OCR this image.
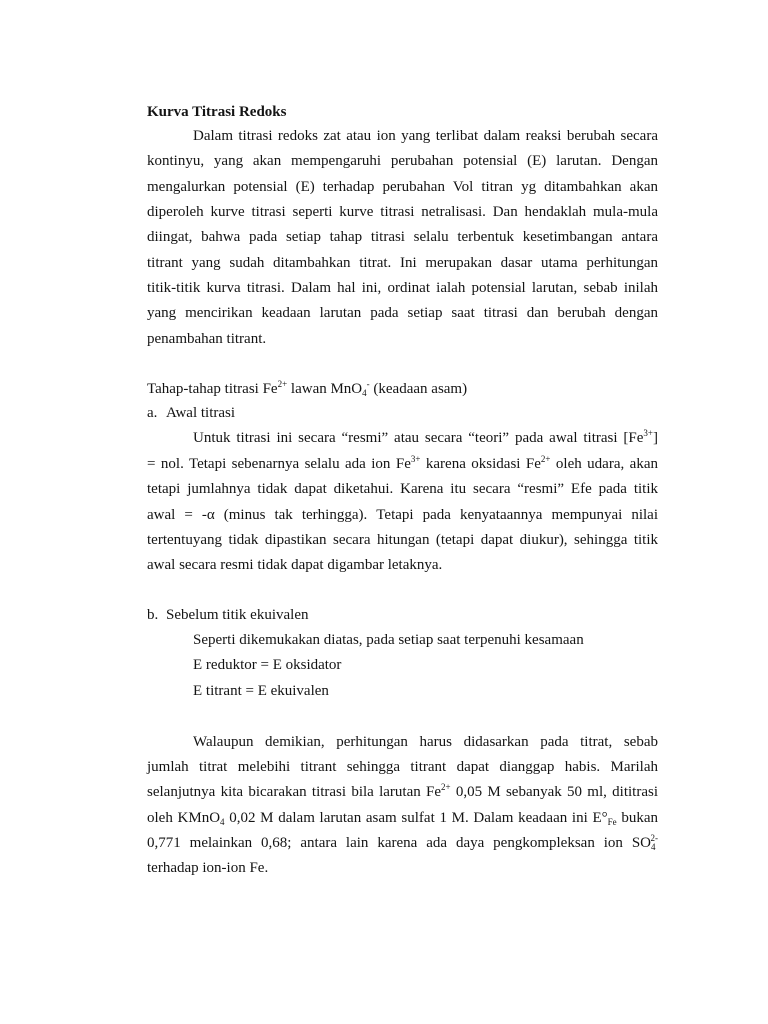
Kurva Titrasi Redoks
Dalam titrasi redoks zat atau ion yang terlibat dalam reaksi berubah secara
kontinyu, yang akan mempengaruhi perubahan potensial (E) larutan. Dengan
mengalurkan potensial (E) terhadap perubahan Vol titran yg ditambahkan akan
diperoleh kurve titrasi seperti kurve titrasi netralisasi. Dan hendaklah mula-mula
diingat, bahwa pada setiap tahap titrasi selalu terbentuk kesetimbangan antara
titrant yang sudah ditambahkan titrat. Ini merupakan dasar utama perhitungan
titik-titik kurva titrasi. Dalam hal ini, ordinat ialah potensial larutan, sebab inilah
yang mencirikan keadaan larutan pada setiap saat titrasi dan berubah dengan
penambahan titrant.
Tahap-tahap titrasi $Fe^{2+}$ lawan MnO$_4$- (keadaan asam)
a. Awal titrasi
Untuk titrasi ini secara “resmi” atau secara “teori” pada awal titrasi $[Fe^{3+}]$
= nol. Tetapi sebenarnya selalu ada ion $Fe^{3+}$ karena oksidasi $Fe^{2+}$ oleh udara, akan
tetapi jumlahnya tidak dapat diketahui. Karena itu secara “resmi” Efe pada titik
awal = -α (minus tak terhingga). Tetapi pada kenyataannya mempunyai nilai
tertentuyang tidak dipastikan secara hitungan (tetapi dapat diukur), sehingga titik
awal secara resmi tidak dapat digambar letaknya.
b. Sebelum titik ekuivalen
Seperti dikemukakan diatas, pada setiap saat terpenuhi kesamaan
E reduktor = E oksidator
E titrant = E ekuivalen
Walaupun demikian, perhitungan harus didasarkan pada titrat, sebab
jumlah titrat melebihi titrant sehingga titrant dapat dianggap habis. Marilah
selanjutnya kita bicarakan titrasi bila larutan $Fe^{2+}$ 0,05 M sebanyak 50 ml, dititrasi
oleh KMnO$_4$ 0,02 M dalam larutan asam sulfat 1 M. Dalam keadaan ini $E^\circ_{Fe}$ bukan
0,771 melainkan 0,68; antara lain karena ada daya pengkompleksan ion $SO_4^{2-}$
terhadap ion-ion Fe.
